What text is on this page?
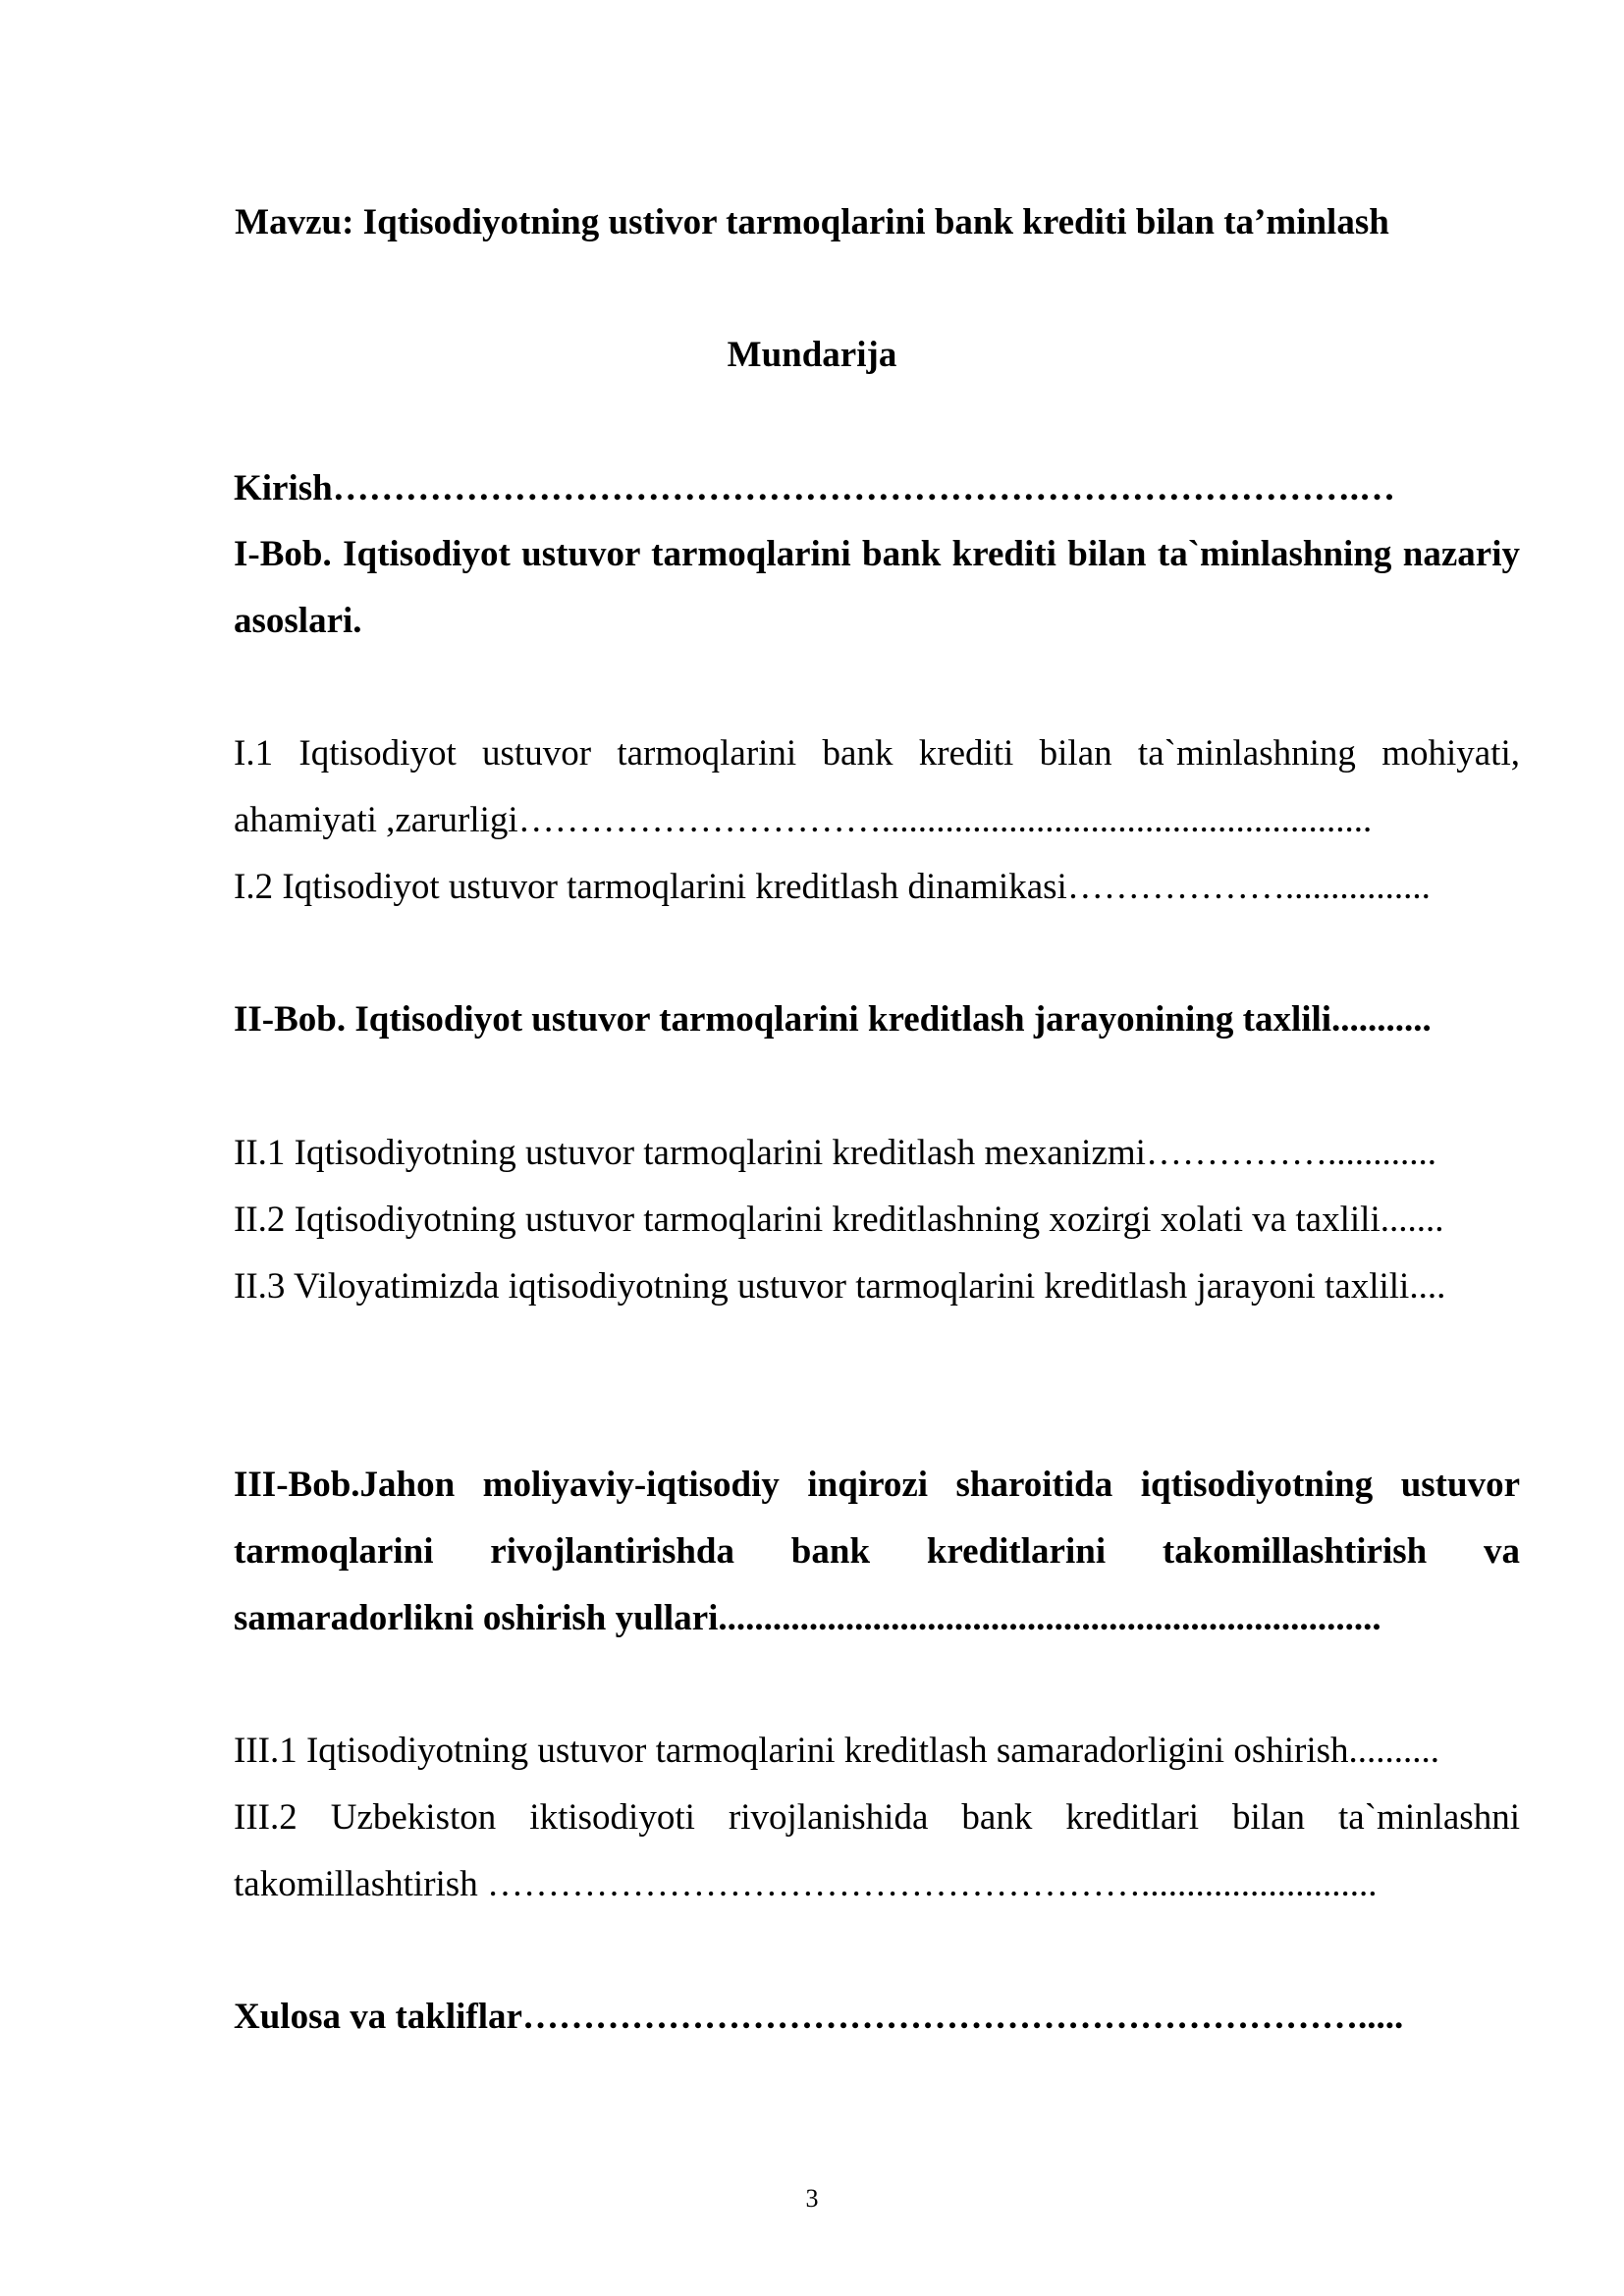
Mavzu: Iqtisodiyotning ustivor tarmoqlarini bank krediti bilan ta’minlash

Mundarija

Kirish………………………………………………………………………….…

I-Bob. Iqtisodiyot ustuvor tarmoqlarini bank krediti bilan ta`minlashning nazariy asoslari.

I.1 Iqtisodiyot ustuvor tarmoqlarini bank krediti bilan ta`minlashning mohiyati, ahamiyati ,zarurligi…………………………......................................................

I.2 Iqtisodiyot ustuvor tarmoqlarini kreditlash dinamikasi………………................

II-Bob. Iqtisodiyot ustuvor tarmoqlarini kreditlash jarayonining taxlili...........

II.1 Iqtisodiyotning ustuvor tarmoqlarini kreditlash mexanizmi……………............

II.2 Iqtisodiyotning ustuvor tarmoqlarini kreditlashning xozirgi xolati va taxlili.......

II.3 Viloyatimizda iqtisodiyotning ustuvor tarmoqlarini kreditlash jarayoni taxlili....

III-Bob.Jahon moliyaviy-iqtisodiy inqirozi sharoitida iqtisodiyotning ustuvor tarmoqlarini rivojlantirishda bank kreditlarini takomillashtirish va samaradorlikni oshirish yullari.........................................................................

III.1 Iqtisodiyotning ustuvor tarmoqlarini kreditlash samaradorligini oshirish..........

III.2 Uzbekiston iktisodiyoti rivojlanishida bank kreditlari bilan ta`minlashni takomillashtirish ………………………………………………..........................

Xulosa va takliflar…………………………………………………………….....

3
